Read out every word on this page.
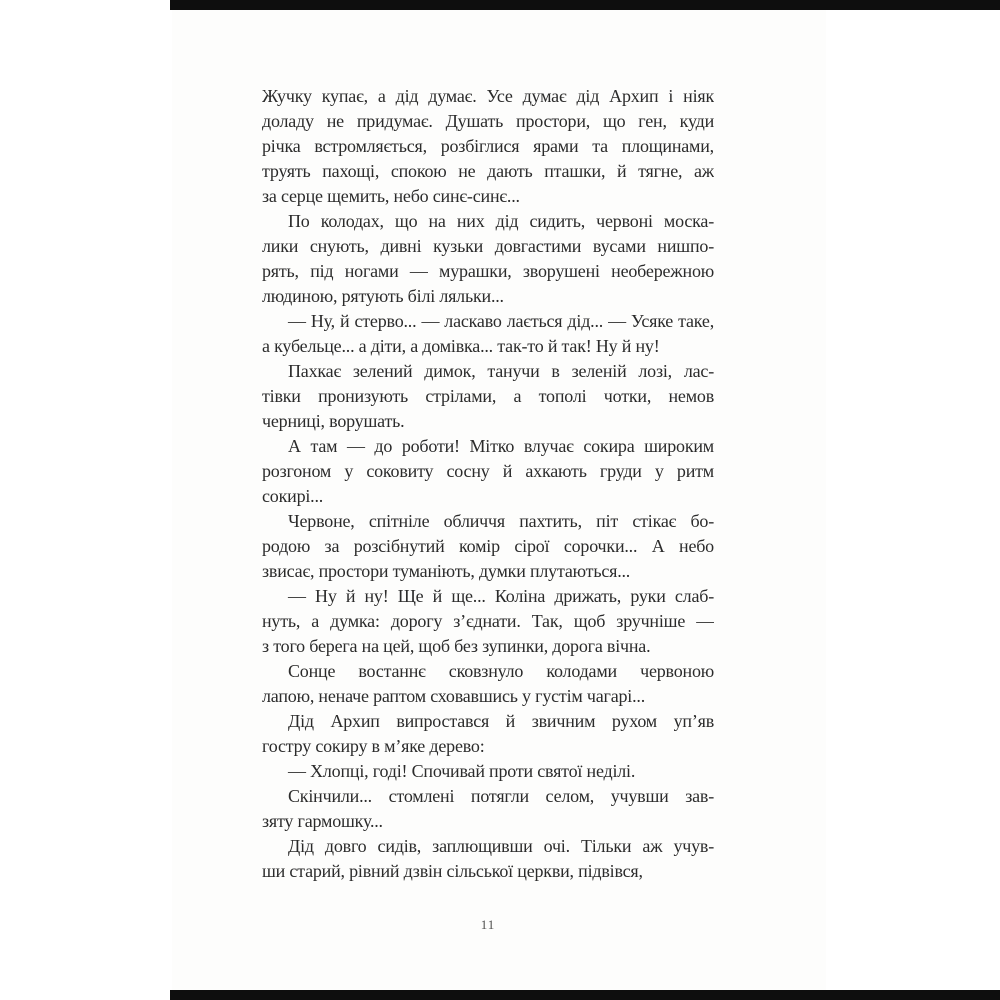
Жучку купає, а дід думає. Усе думає дід Архип і ніяк
доладу не придумає. Душать простори, що ген, куди
річка встромляється, розбіглися ярами та площинами,
труять пахощі, спокою не дають пташки, й тягне, аж
за серце щемить, небо синє-синє...
По колодах, що на них дід сидить, червоні моска-
лики снують, дивні кузьки довгастими вусами нишпо-
рять, під ногами — мурашки, зворушені необережною
людиною, рятують білі ляльки...
— Ну, й стерво... — ласкаво лається дід... — Усяке таке,
а кубельце... а діти, а домівка... так-то й так! Ну й ну!
Пахкає зелений димок, танучи в зеленій лозі, лас-
тівки пронизують стрілами, а тополі чотки, немов
черниці, ворушать.
А там — до роботи! Мітко влучає сокира широким
розгоном у соковиту сосну й ахкають груди у ритм
сокирі...
Червоне, спітніле обличчя пахтить, піт стікає бо-
родою за розсібнутий комір сірої сорочки... А небо
звисає, простори туманіють, думки плутаються...
— Ну й ну! Ще й ще... Коліна дрижать, руки слаб-
нуть, а думка: дорогу з’єднати. Так, щоб зручніше —
з того берега на цей, щоб без зупинки, дорога вічна.
Сонце востаннє сковзнуло колодами червоною
лапою, неначе раптом сховавшись у густім чагарі...
Дід Архип випростався й звичним рухом уп’яв
гостру сокиру в м’яке дерево:
— Хлопці, годі! Спочивай проти святої неділі.
Скінчили... стомлені потягли селом, учувши зав-
зяту гармошку...
Дід довго сидів, заплющивши очі. Тільки аж учув-
ши старий, рівний дзвін сільської церкви, підвівся,
11
